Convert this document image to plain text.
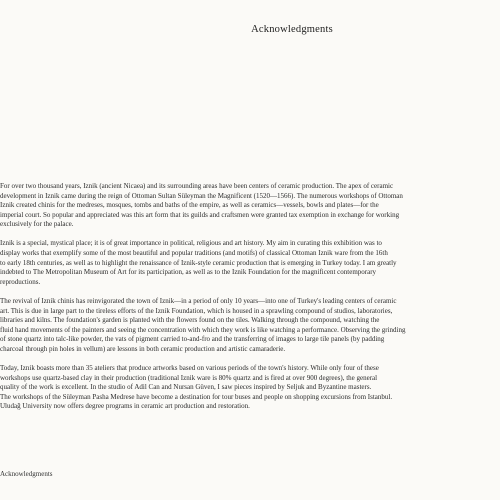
Acknowledgments

For over two thousand years, Iznik (ancient Nicaea) and its surrounding areas have been centers of ceramic production. The apex of ceramic
development in Iznik came during the reign of Ottoman Sultan Süleyman the Magnificent (1520—1566). The numerous workshops of Ottoman
Iznik created chinis for the medreses, mosques, tombs and baths of the empire, as well as ceramics—vessels, bowls and plates—for the
imperial court. So popular and appreciated was this art form that its guilds and craftsmen were granted tax exemption in exchange for working
exclusively for the palace.

Iznik is a special, mystical place; it is of great importance in political, religious and art history. My aim in curating this exhibition was to
display works that exemplify some of the most beautiful and popular traditions (and motifs) of classical Ottoman Iznik ware from the 16th
to early 18th centuries, as well as to highlight the renaissance of Iznik-style ceramic production that is emerging in Turkey today. I am greatly
indebted to The Metropolitan Museum of Art for its participation, as well as to the Iznik Foundation for the magnificent contemporary
reproductions.

The revival of Iznik chinis has reinvigorated the town of Iznik—in a period of only 10 years—into one of Turkey's leading centers of ceramic
art. This is due in large part to the tireless efforts of the Iznik Foundation, which is housed in a sprawling compound of studios, laboratories,
libraries and kilns. The foundation's garden is planted with the flowers found on the tiles. Walking through the compound, watching the
fluid hand movements of the painters and seeing the concentration with which they work is like watching a performance. Observing the grinding
of stone quartz into talc-like powder, the vats of pigment carried to-and-fro and the transferring of images to large tile panels (by padding
charcoal through pin holes in vellum) are lessons in both ceramic production and artistic camaraderie.

Today, Iznik boasts more than 35 ateliers that produce artworks based on various periods of the town's history. While only four of these
workshops use quartz-based clay in their production (traditional Iznik ware is 80% quartz and is fired at over 900 degrees), the general
quality of the work is excellent. In the studio of Adil Can and Nursan Güven, I saw pieces inspired by Seljuk and Byzantine masters.
The workshops of the Süleyman Pasha Medrese have become a destination for tour buses and people on shopping excursions from Istanbul.
Uludağ University now offers degree programs in ceramic art production and restoration.

Acknowledgments
